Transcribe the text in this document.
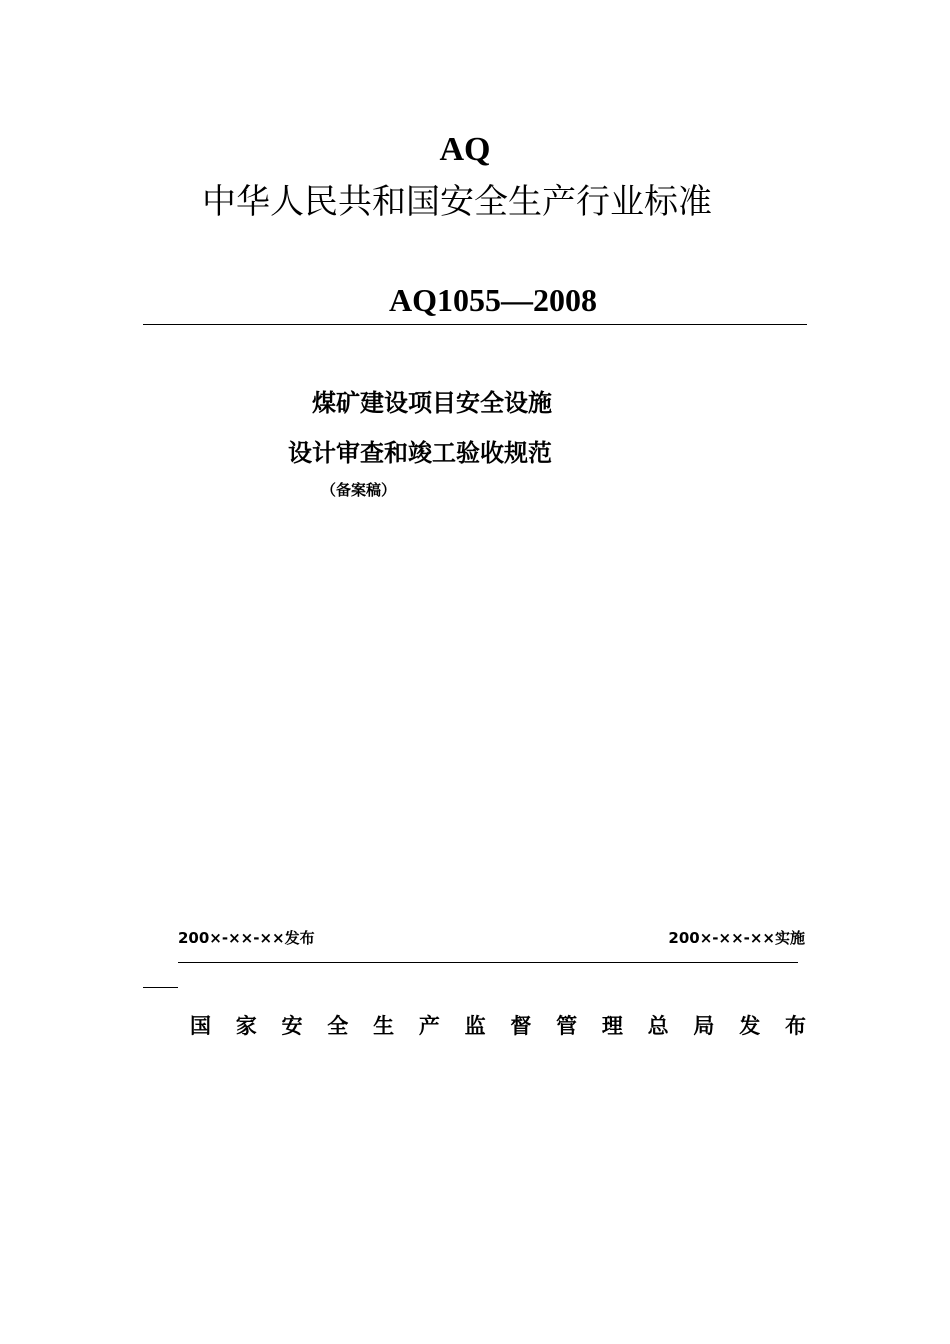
AQ
中华人民共和国安全生产行业标准
AQ1055—2008
煤矿建设项目安全设施
设计审查和竣工验收规范
（备案稿）
200×-××-××发布	200×-××-××实施
国 家 安 全 生 产 监 督 管 理 总 局 发 布
